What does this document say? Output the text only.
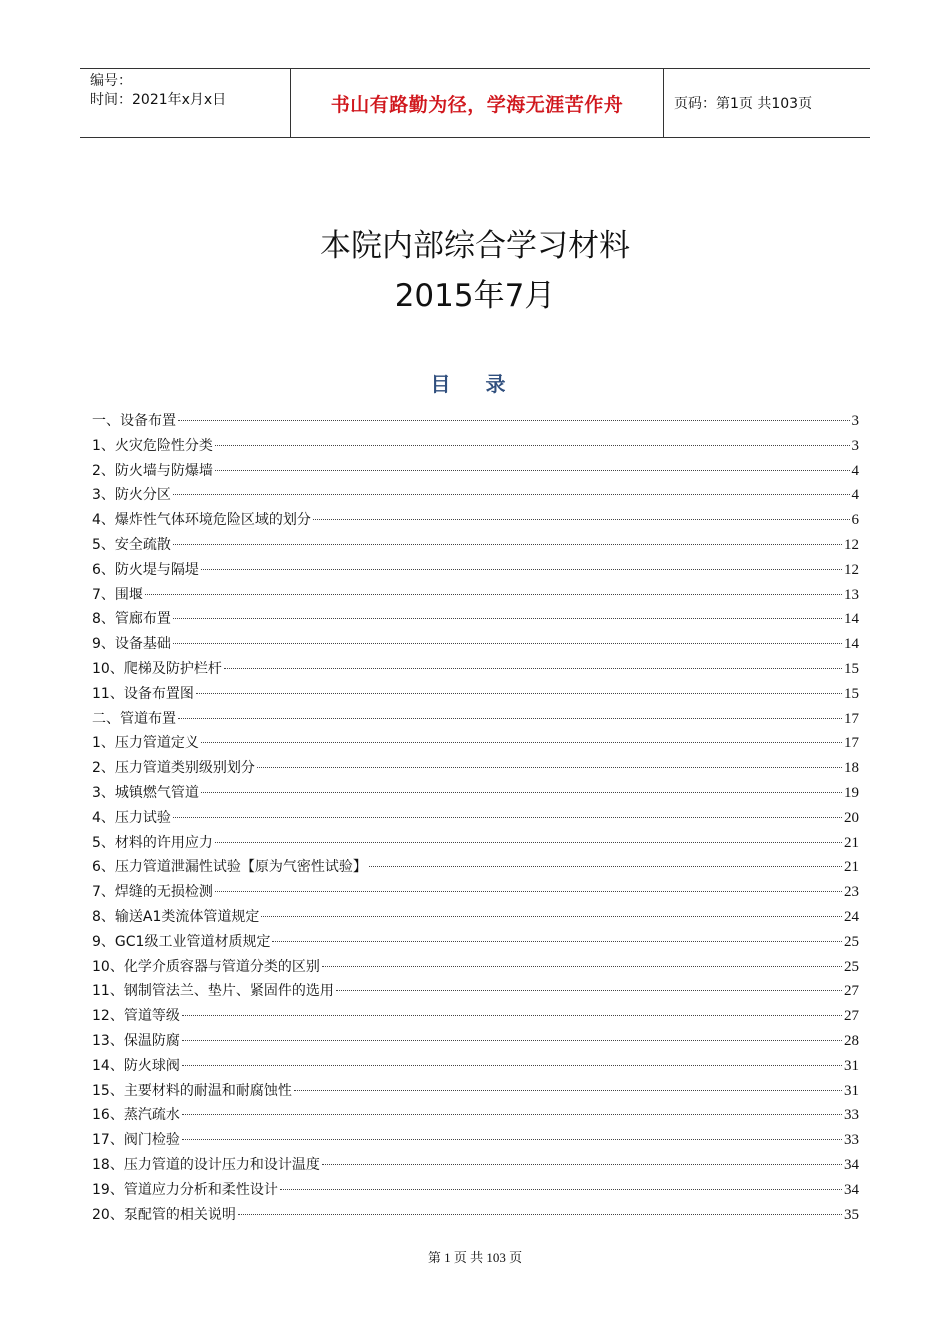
编号：
时间：2021年x月x日	书山有路勤为径，学海无涯苦作舟	页码：第1页 共103页
本院内部综合学习材料
2015年7月
目 录
一、设备布置	3
1、火灾危险性分类	3
2、防火墙与防爆墙	4
3、防火分区	4
4、爆炸性气体环境危险区域的划分	6
5、安全疏散	12
6、防火堤与隔堤	12
7、围堰	13
8、管廊布置	14
9、设备基础	14
10、爬梯及防护栏杆	15
11、设备布置图	15
二、管道布置	17
1、压力管道定义	17
2、压力管道类别级别划分	18
3、城镇燃气管道	19
4、压力试验	20
5、材料的许用应力	21
6、压力管道泄漏性试验【原为气密性试验】	21
7、焊缝的无损检测	23
8、输送A1类流体管道规定	24
9、GC1级工业管道材质规定	25
10、化学介质容器与管道分类的区别	25
11、钢制管法兰、垫片、紧固件的选用	27
12、管道等级	27
13、保温防腐	28
14、防火球阀	31
15、主要材料的耐温和耐腐蚀性	31
16、蒸汽疏水	33
17、阀门检验	33
18、压力管道的设计压力和设计温度	34
19、管道应力分析和柔性设计	34
20、泵配管的相关说明	35
第 1 页 共 103 页
